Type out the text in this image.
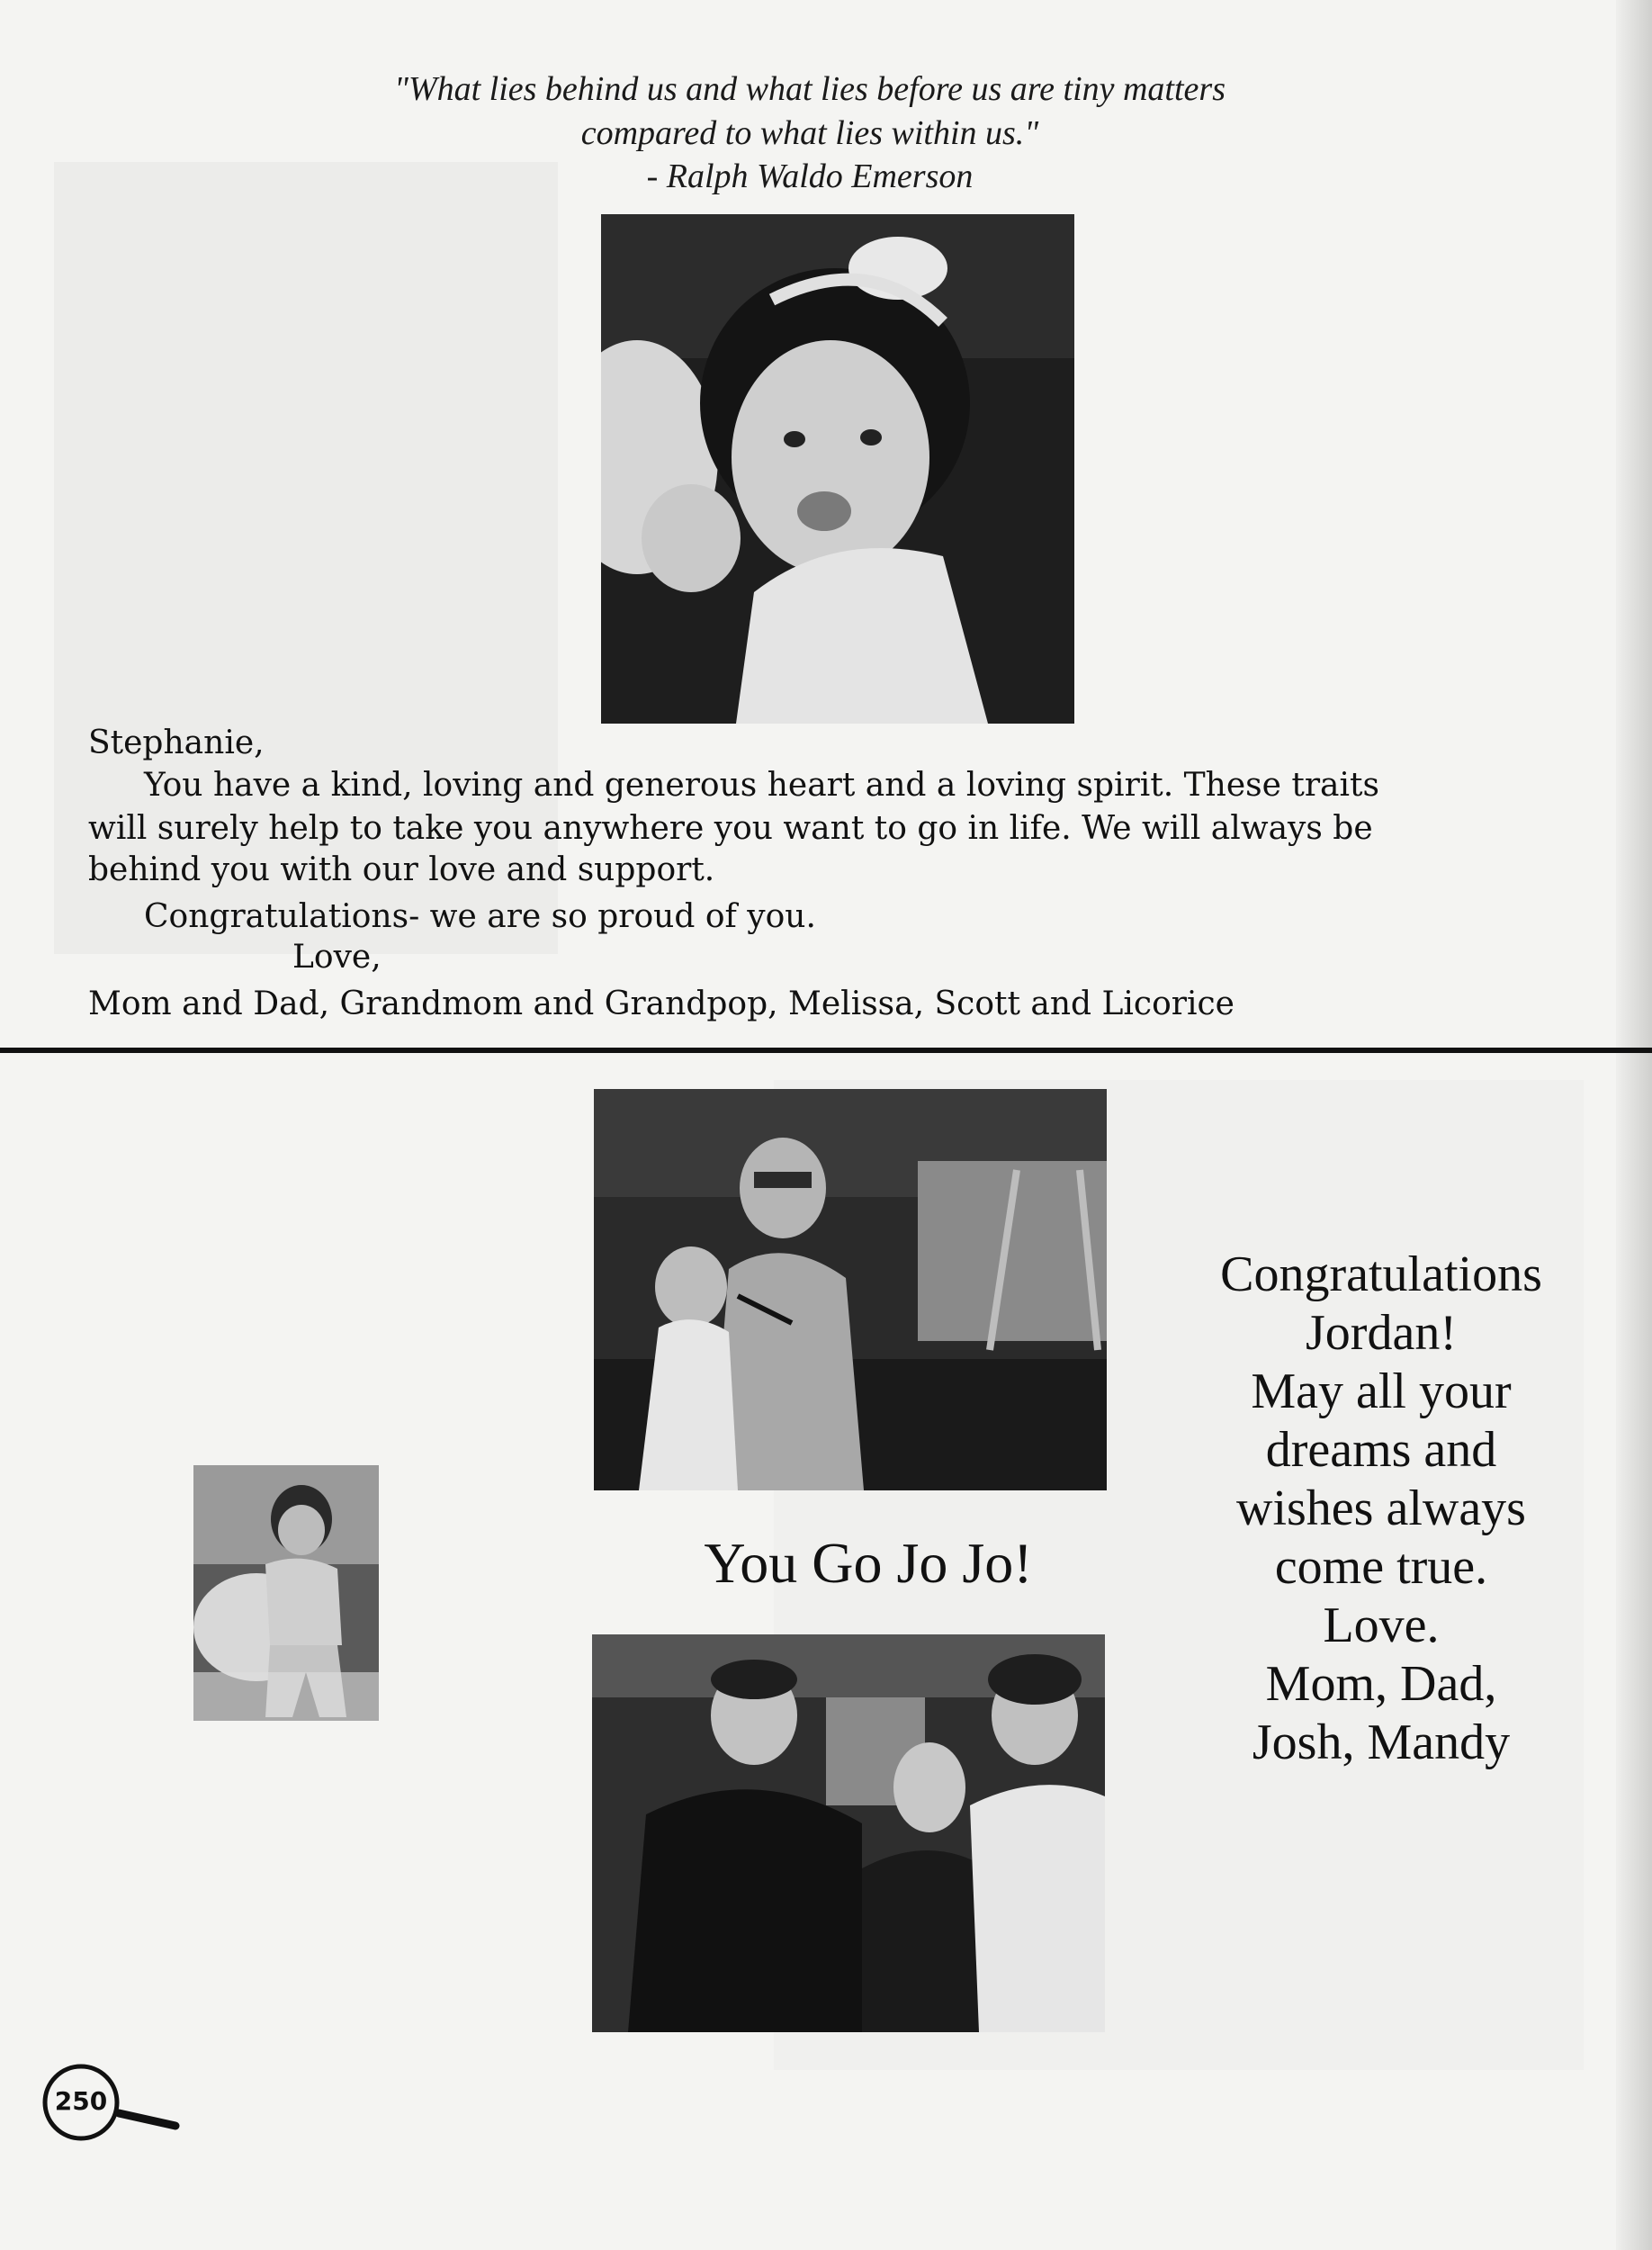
"What lies behind us and what lies before us are tiny matters
compared to what lies within us."
- Ralph Waldo Emerson
Stephanie,
You have a kind, loving and generous heart and a loving spirit. These traits
will surely help to take you anywhere you want to go in life. We will always be
behind you with our love and support.
Congratulations- we are so proud of you.
Love,
Mom and Dad, Grandmom and Grandpop, Melissa, Scott and Licorice
You Go Jo Jo!
Congratulations
Jordan!
May all your
dreams and
wishes always
come true.
Love.
Mom, Dad,
Josh, Mandy
250
